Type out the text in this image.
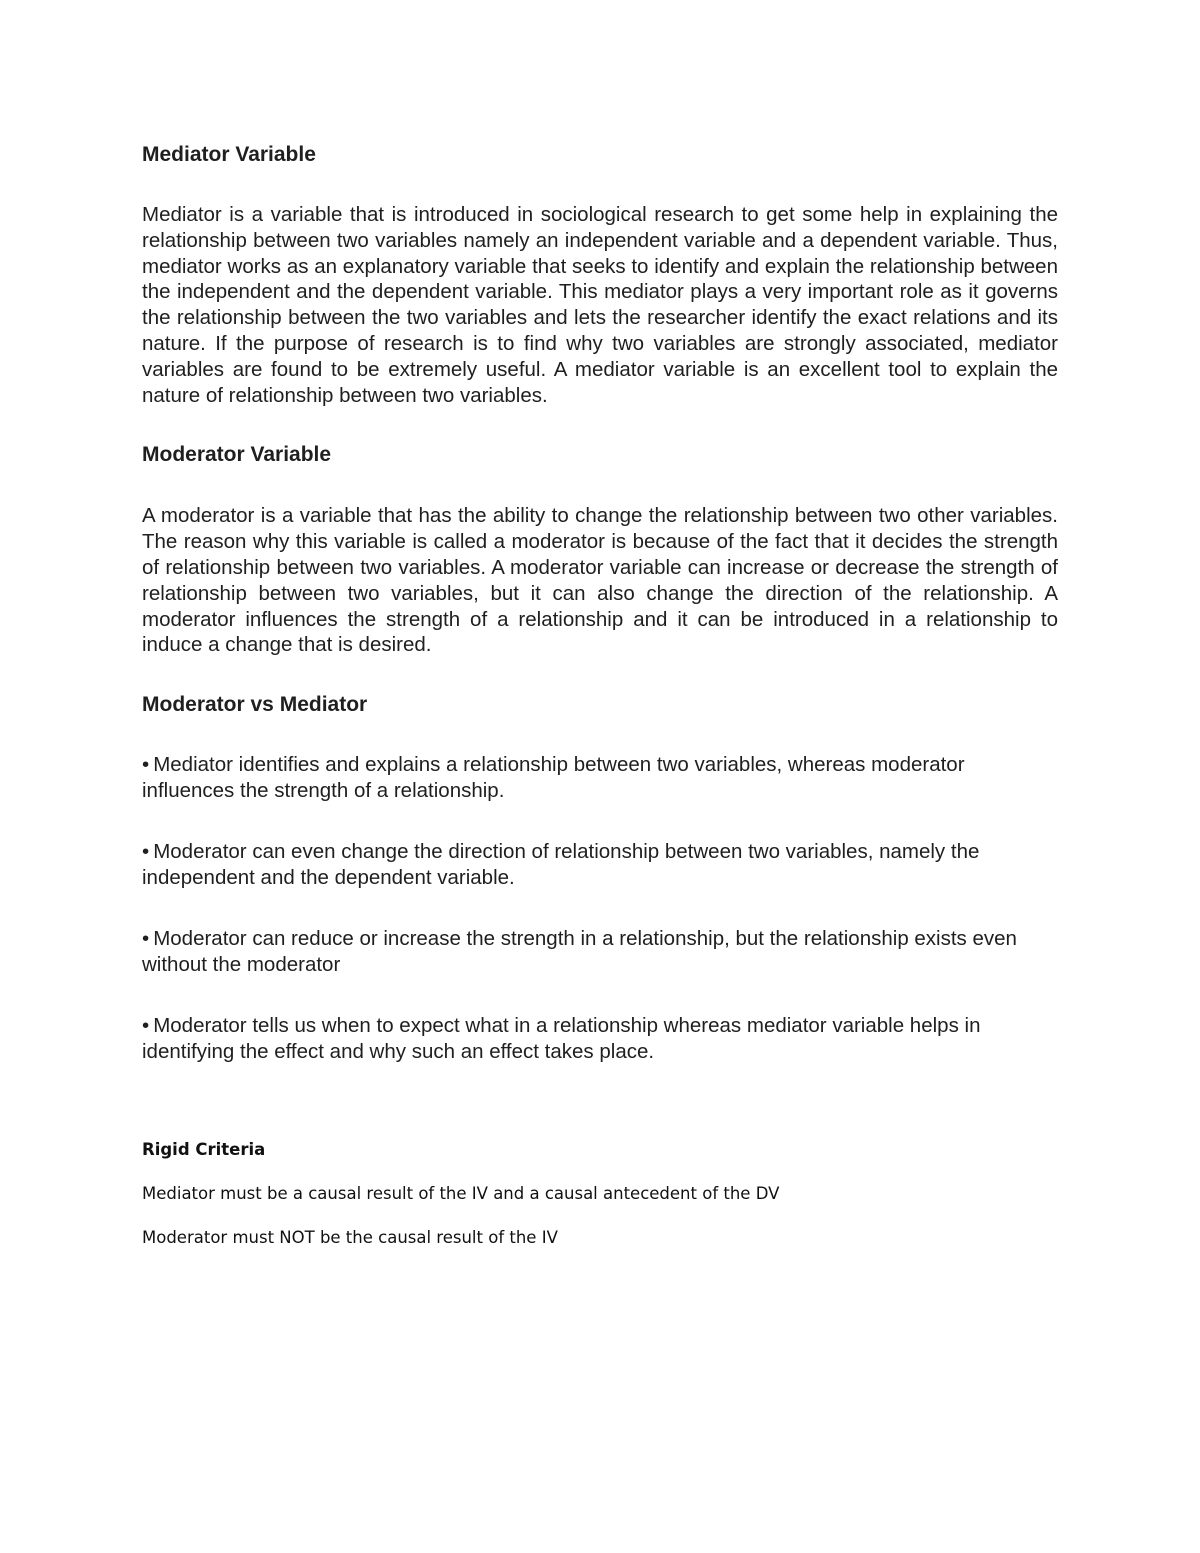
Mediator Variable

Mediator is a variable that is introduced in sociological research to get some help in explaining the relationship between two variables namely an independent variable and a dependent variable. Thus, mediator works as an explanatory variable that seeks to identify and explain the relationship between the independent and the dependent variable. This mediator plays a very important role as it governs the relationship between the two variables and lets the researcher identify the exact relations and its nature. If the purpose of research is to find why two variables are strongly associated, mediator variables are found to be extremely useful. A mediator variable is an excellent tool to explain the nature of relationship between two variables.

Moderator Variable

A moderator is a variable that has the ability to change the relationship between two other variables. The reason why this variable is called a moderator is because of the fact that it decides the strength of relationship between two variables. A moderator variable can increase or decrease the strength of relationship between two variables, but it can also change the direction of the relationship. A moderator influences the strength of a relationship and it can be introduced in a relationship to induce a change that is desired.

Moderator vs Mediator

• Mediator identifies and explains a relationship between two variables, whereas moderator influences the strength of a relationship.

• Moderator can even change the direction of relationship between two variables, namely the independent and the dependent variable.

• Moderator can reduce or increase the strength in a relationship, but the relationship exists even without the moderator

• Moderator tells us when to expect what in a relationship whereas mediator variable helps in identifying the effect and why such an effect takes place.

Rigid Criteria

Mediator must be a causal result of the IV and a causal antecedent of the DV

Moderator must NOT be the causal result of the IV
